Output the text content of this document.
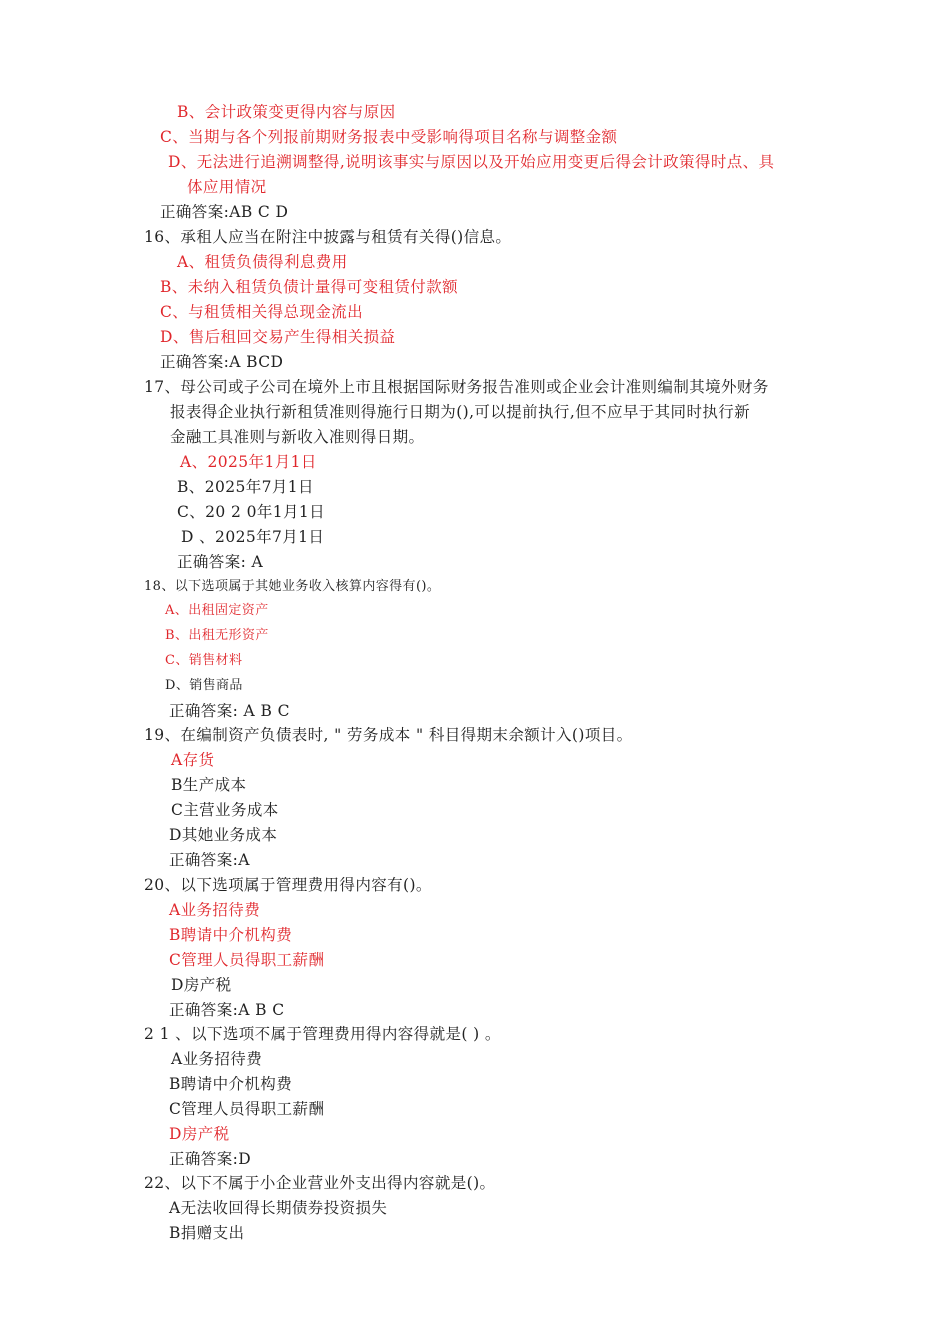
B、会计政策变更得内容与原因
C、当期与各个列报前期财务报表中受影响得项目名称与调整金额
D、无法进行追溯调整得,说明该事实与原因以及开始应用变更后得会计政策得时点、具
体应用情况
正确答案:AB C D
16、承租人应当在附注中披露与租赁有关得()信息。
A、租赁负债得利息费用
B、未纳入租赁负债计量得可变租赁付款额
C、与租赁相关得总现金流出
D、售后租回交易产生得相关损益
正确答案:A BCD
17、母公司或子公司在境外上市且根据国际财务报告准则或企业会计准则编制其境外财务
报表得企业执行新租赁准则得施行日期为(),可以提前执行,但不应早于其同时执行新
金融工具准则与新收入准则得日期。
A、2025年1月1日
B、2025年7月1日
C、20 2 0年1月1日
D 、2025年7月1日
正确答案: A
18、以下选项属于其她业务收入核算内容得有()。
A、出租固定资产
B、出租无形资产
C、销售材料
D、销售商品
正确答案: A B C
19、在编制资产负债表时, " 劳务成本 " 科目得期末余额计入()项目。
A存货
B生产成本
C主营业务成本
D其她业务成本
正确答案:A
20、以下选项属于管理费用得内容有()。
A业务招待费
B聘请中介机构费
C管理人员得职工薪酬
D房产税
正确答案:A B C
2 1 、以下选项不属于管理费用得内容得就是( ) 。
A业务招待费
B聘请中介机构费
C管理人员得职工薪酬
D房产税
正确答案:D
22、以下不属于小企业营业外支出得内容就是()。
A无法收回得长期债券投资损失
B捐赠支出
